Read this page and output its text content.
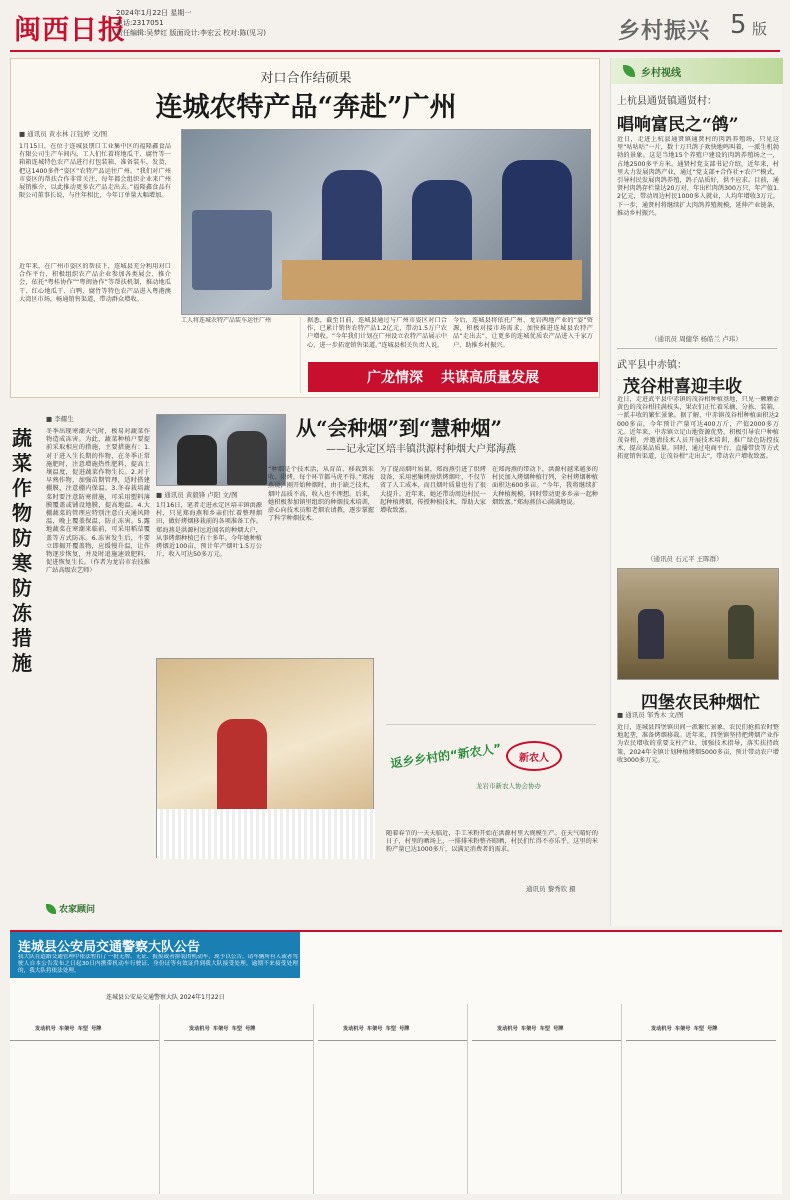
闽西日报
2024年1月22日 星期一
电话:2317051
责任编辑:吴梦红 版面设计:李宏云 校对:陈(见习)	乡村振兴 5 版
对口合作结硕果
连城农特产品“奔赴”广州
■ 通讯员 黄水林 江钰婷 文/图
1月15日，在位于连城县朋口工业集中区的福隆鑫食品有限公司生产车间内，工人们忙着将地瓜干、腐竹等一箱箱连城特色农产品进行打包装箱，准备装车、发货，把这1400多件“姿区”农特产品运往广州。“我们对广州市姿区的帮扶合作非常关注，每年都会组织企业来广州展销推介，以此推动更多农产品走出去。”福隆鑫食品有限公司董事长说，与往年相比，今年订单量大幅增加。
近年来，在广州市姿区的帮扶下，连城县充分利用对口合作平台，积极组织农产品企业参加各类展会、推介会，依托“粤桂协作”“粤闽协作”等帮扶机制，推动地瓜干、红心地瓜干、白鸭、腐竹等特色农产品进入粤港澳大湾区市场，畅通销售渠道，带动群众增收。
工人将连城农特产品装车运往广州	据悉，截至目前，连城县通过与广州市姿区对口合作，已累计销售农特产品1.2亿元，带动1.5万户农户增收。“今年我们计划在广州设立农特产品展示中心，进一步拓宽销售渠道。”连城县相关负责人说。
今后，连城县将依托广州、龙岩两地产业的“姿”资源，积极对接市场需求，加快推进连城县农特产品“走出去”，让更多的连城优质农产品进入千家万户，助推乡村振兴。
广龙情深 共谋高质量发展
蔬菜作物防寒防冻措施
■ 李耀生
冬季出现寒潮天气时，极易对蔬菜作物造成冻害。为此，蔬菜种植户要提前采取相应的措施，主要措施有：1.对于进入生长期的作物，在冬季正常施肥时，注意增施热性肥料，提高土壤温度，促进蔬菜作物生长。2.对于早熟作物，加强苗期管理，适时搭建棚膜，注意棚内保温。3.冬春栽培蔬菜时要注意防寒措施，可采用塑料薄膜覆盖或铺设地膜，提高地温。4.大棚蔬菜的管理应特别注意白天通风降温，晚上覆盖保温，防止冻害。5.露地蔬菜在寒潮来临前，可采用稻草覆盖等方式防冻。6.冻害发生后，不要立即揭开覆盖物，应缓慢升温，让作物逐步恢复，并及时追施速效肥料，促进恢复生长。（作者为龙岩市农技推广站高级农艺师）
农家顾问
从“会种烟”到“慧种烟”
——记永定区培丰镇洪源村种烟大户郑海燕
■ 通讯员 黄毅锋 卢阳 文/图
1月16日，笔者走进永定区培丰镇洪源村，只见郑海燕和乡亲们忙着整理烟田，做好烤烟移栽前的各项准备工作。郑海燕是洪源村远近闻名的种烟大户，从事烤烟种植已有十多年。今年她种植烤烟近100亩，预计年产烟叶1.5万公斤，收入可达50多万元。
“种烟是个技术活，从育苗、移栽到采收、烘烤，每个环节都马虎不得。”郑海燕说，刚开始种烟时，由于缺乏技术，烟叶品质不高，收入也不理想。后来，她积极参加镇里组织的种烟技术培训，虚心向技术员和老烟农请教，逐步掌握了科学种烟技术。
为了提高烟叶质量，郑海燕引进了烘烤设备，采用密集烤房烘烤烟叶，不仅节省了人工成本，而且烟叶质量也有了很大提升。近年来，她还带动周边村民一起种植烤烟，传授种植技术，帮助大家增收致富。
在郑海燕的带动下，洪源村越来越多的村民加入烤烟种植行列，全村烤烟种植面积达600多亩。“今年，我将继续扩大种植规模，同时带动更多乡亲一起种烟致富。”郑海燕信心满满地说。
返乡乡村的“新农人” 新农人
龙岩市新农人协会协办
随着春节的一天天临近，手工米粉开始在洪源村里大规模生产。在天气晴好的日子，村里的晒场上，一排排米粉整齐晾晒，村民们忙得不亦乐乎，这里的米粉产量已达1000多斤，以满足消费者的需求。
通讯员 黎秀钦 摄
乡村视线
上杭县通贤镇通贤村：
唱响富民之“鸽”
近日，走进上杭县通贤镇通贤村的肉鸽养殖场，只见这里“咕咕咕”一片，数十万只鸽子欢快地鸣叫着，一派生机勃勃的景象。这是当地15个养殖户建设的肉鸽养殖场之一，占地2500多平方米。通贤村党支部书记介绍，近年来，村里大力发展肉鸽产业，通过“党支部+合作社+农户”模式，引导村民发展肉鸽养殖，鸽子品质好，供不应求。目前，通贤村肉鸽存栏量达20万对，年出栏肉鸽300万只，年产值1.2亿元，带动周边村民1000多人就业，人均年增收3万元。下一步，通贤村将继续扩大肉鸽养殖规模，延伸产业链条，推动乡村振兴。
（通讯员 周健华 杨皓兰 卢玮）
武平县中赤镇：
茂谷柑喜迎丰收
近日，走进武平县中赤镇的茂谷柑种植基地，只见一颗颗金黄色的茂谷柑挂满枝头，果农们正忙着采摘、分拣、装箱，一派丰收的繁忙景象。据了解，中赤镇茂谷柑种植面积达2000多亩，今年预计产量可达400万斤，产值2000多万元。近年来，中赤镇立足山地资源优势，积极引导农户种植茂谷柑，并邀请技术人员开展技术培训，推广绿色防控技术，提高果品质量。同时，通过电商平台、直播带货等方式拓宽销售渠道，让茂谷柑“走出去”，带动农户增收致富。
（通讯员 石元平 王晖群）
四堡农民种烟忙
■ 通讯员 邹秀木 文/图
近日，连城县四堡镇田间一派繁忙景象，农民们抢抓农时整地起垄，准备烤烟移栽。近年来，四堡镇坚持把烤烟产业作为农民增收的重要支柱产业，加强技术指导，落实扶持政策，2024年全镇计划种植烤烟5000多亩，预计带动农户增收3000多万元。
连城县公安局交通警察大队公告
我大队在道路交通管理中依法暂扣了一批无牌、无证、报废或者拼装的机动车，现予以公告。请车辆所有人或者驾驶人自本公告发布之日起30日内携带机动车行驶证、身份证等有效证件到我大队接受处理。逾期不来接受处理的，我大队将依法处理。
连城县公安局交通警察大队 2024年1月22日

发动机号 车架号 车型 号牌

	发动机号 车架号 车型 号牌

	发动机号 车架号 车型 号牌

	发动机号 车架号 车型 号牌

	发动机号 车架号 车型 号牌
